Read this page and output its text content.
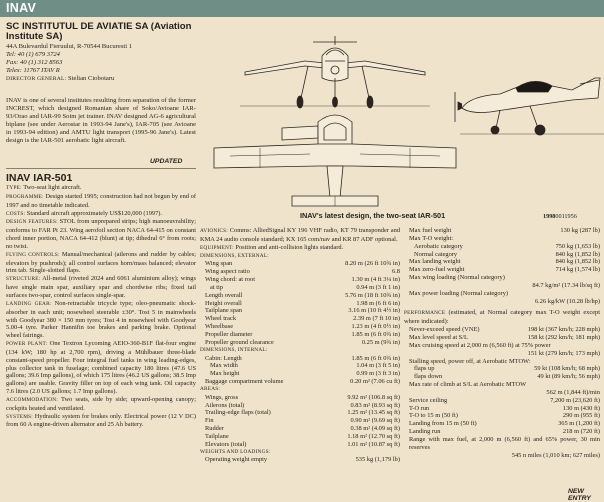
INAV
SC INSTITUTUL DE AVIATIE SA (Aviation Institute SA)
44A Bulevardul Fieruului, R-70544 Bucuresti 1
Tel: 40 (1) 679 3724
Fax: 40 (1) 312 8563
Telex: 11767 ITAV R
DIRECTOR GENERAL: Stelian Ciobotaru
INAV is one of several institutes resulting from separation of the former INCREST, which designed Romanian share of Soko/Avioane IAR-93/Orao and IAR-99 Soim jet trainer. INAV designed AG-6 agricultural biplane (see under Aerostar in 1993-94 Jane's), IAR-705 (see Avioane in 1993-94 edition) and AMTU light transport (1995-96 Jane's). Latest design is the IAR-501 aerobatic light aircraft.
UPDATED
INAV IAR-501

TYPE: Two-seat light aircraft.

PROGRAMME: Design started 1995; construction had not begun by end of 1997 and no timetable indicated.

COSTS: Standard aircraft approximately US$120,000 (1997).

DESIGN FEATURES: STOL from unprepared strips; high manoeuvrability; conforms to FAR Pt 23. Wing aerofoil section NACA 64-415 on constant chord inner portion, NACA 64-412 (blunt) at tip; dihedral 6° from roots; no twist.

FLYING CONTROLS: Manual/mechanical (ailerons and rudder by cables; elevators by pushrods); all control surfaces horn/mass balanced; elevator trim tab. Single-slotted flaps.

STRUCTURE: All-metal (riveted 2024 and 6061 aluminium alloy); wings have single main spar, auxiliary spar and chordwise ribs; fixed tail surfaces two-spar, control surfaces single-spar.

LANDING GEAR: Non-retractable tricycle type; oleo-pneumatic shock-absorber in each unit; nosewheel steerable ±30°. Tost 5 in mainwheels with Goodyear 380 × 150 mm tyres; Tost 4 in nosewheel with Goodyear 5.00-4 tyre. Parker Hannifin toe brakes and parking brake. Optional wheel fairings.

POWER PLANT: One Textron Lycoming AEIO-360-B1F flat-four engine (134 kW; 180 hp at 2,700 rpm), driving a Mühlbauer three-blade constant-speed propeller. Four integral fuel tanks in wing leading-edges, plus collector tank in fuselage; combined capacity 180 litres (47.6 US gallons; 39.6 Imp gallons), of which 175 litres (46.2 US gallons; 38.5 Imp gallons) are usable. Gravity filler on top of each wing tank. Oil capacity 7.6 litres (2.0 US gallons; 1.7 Imp gallons).

ACCOMMODATION: Two seats, side by side; upward-opening canopy; cockpits heated and ventilated.

SYSTEMS: Hydraulic system for brakes only. Electrical power (12 V DC) from 60 A engine-driven alternator and 25 Ah battery.

INAV's latest design, the two-seat IAR-501	19980011956

AVIONICS: Comms: AlliedSignal KY 196 VHF radio, KT 79 transponder and KMA 24 audio console standard; KX 165 com/nav and KR 87 ADF optional.

EQUIPMENT: Position and anti-collision lights standard.

DIMENSIONS, EXTERNAL:
Wing span	8.20 m (26 ft 10¾ in)
Wing aspect ratio	6.8
Wing chord: at root	1.30 m (4 ft 3¼ in)
at tip	0.94 m (3 ft 1 in)
Length overall	5.76 m (18 ft 10¾ in)
Height overall	1.98 m (6 ft 6 in)
Tailplane span	3.16 m (10 ft 4½ in)
Wheel track	2.39 m (7 ft 10 in)
Wheelbase	1.23 m (4 ft 0½ in)
Propeller diameter	1.85 m (6 ft 0¾ in)
Propeller ground clearance	0.25 m (9¾ in)
DIMENSIONS, INTERNAL:
Cabin: Length	1.85 m (6 ft 0¾ in)
Max width	1.04 m (3 ft 5 in)
Max height	0.99 m (3 ft 3 in)
Baggage compartment volume	0.20 m³ (7.06 cu ft)
AREAS:
Wings, gross	9.92 m² (106.8 sq ft)
Ailerons (total)	0.83 m² (8.93 sq ft)
Trailing-edge flaps (total)	1.25 m² (13.45 sq ft)
Fin	0.90 m² (9.69 sq ft)
Rudder	0.38 m² (4.09 sq ft)
Tailplane	1.18 m² (12.70 sq ft)
Elevators (total)	1.01 m² (10.87 sq ft)
WEIGHTS AND LOADINGS:
Operating weight empty	535 kg (1,179 lb)
Max fuel weight	130 kg (287 lb)
Max T-O weight:
Aerobatic category	750 kg (1,653 lb)
Normal category	840 kg (1,852 lb)
Max landing weight	840 kg (1,852 lb)
Max zero-fuel weight	714 kg (1,574 lb)
Max wing loading (Normal category)
84.7 kg/m² (17.34 lb/sq ft)
Max power loading (Normal category)
6.26 kg/kW (10.28 lb/hp)

PERFORMANCE (estimated, at Normal category max T-O weight except where indicated):

Never-exceed speed (VNE)	198 kt (367 km/h; 228 mph)
Max level speed at S/L	158 kt (292 km/h; 181 mph)
Max cruising speed at 2,000 m (6,560 ft) at 75% power
151 kt (279 km/h; 173 mph)
Stalling speed, power off, at Aerobatic MTOW:
flaps up	59 kt (108 km/h; 68 mph)
flaps down	49 kt (89 km/h; 56 mph)
Max rate of climb at S/L at Aerobatic MTOW
562 m (1,844 ft)/min
Service ceiling	7,200 m (23,620 ft)
T-O run	130 m (430 ft)
T-O to 15 m (50 ft)	290 m (955 ft)
Landing from 15 m (50 ft)	365 m (1,200 ft)
Landing run	218 m (720 ft)

Range with max fuel, at 2,000 m (6,560 ft) and 65% power, 30 min reserves

545 n miles (1,010 km; 627 miles)
NEW ENTRY
